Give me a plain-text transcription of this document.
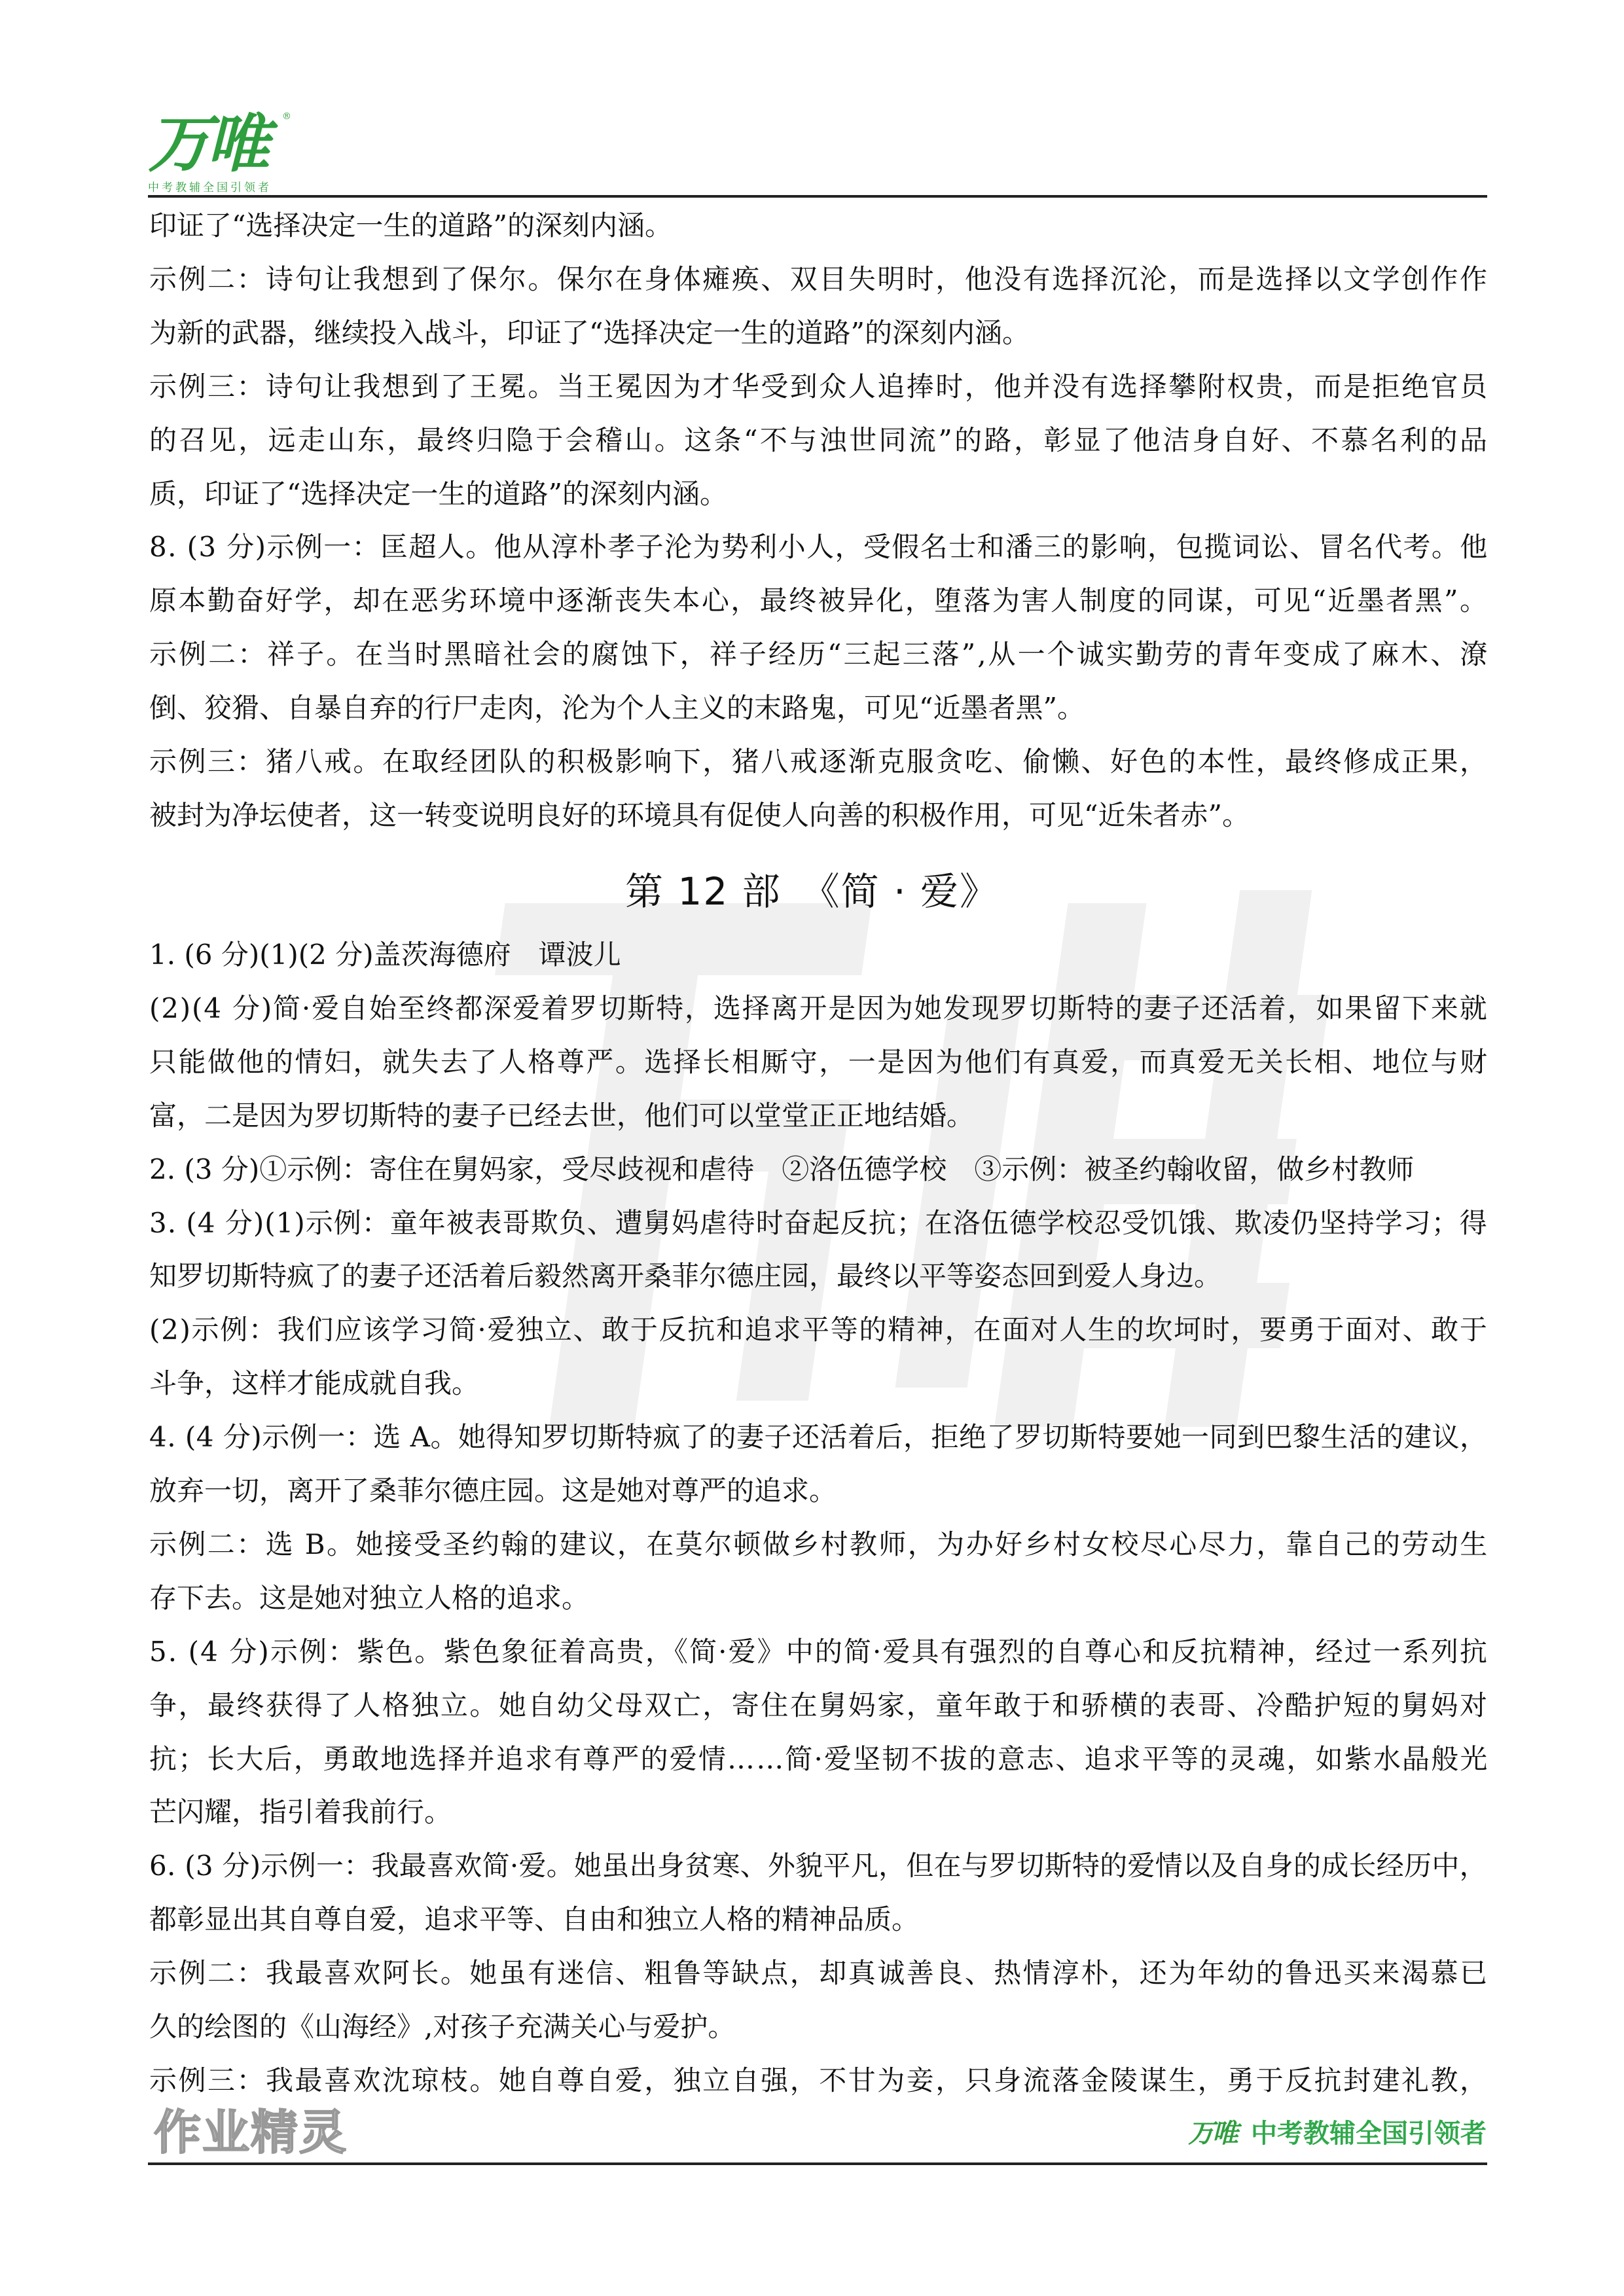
万唯	®
中考教辅全国引领者
印证了“选择决定一生的道路”的深刻内涵。
示例二：诗句让我想到了保尔。保尔在身体瘫痪、双目失明时，他没有选择沉沦，而是选择以文学创作作
为新的武器，继续投入战斗，印证了“选择决定一生的道路”的深刻内涵。
示例三：诗句让我想到了王冕。当王冕因为才华受到众人追捧时，他并没有选择攀附权贵，而是拒绝官员
的召见，远走山东，最终归隐于会稽山。这条“不与浊世同流”的路，彰显了他洁身自好、不慕名利的品
质，印证了“选择决定一生的道路”的深刻内涵。
8. (3 分)示例一：匡超人。他从淳朴孝子沦为势利小人，受假名士和潘三的影响，包揽词讼、冒名代考。他
原本勤奋好学，却在恶劣环境中逐渐丧失本心，最终被异化，堕落为害人制度的同谋，可见“近墨者黑”。
示例二：祥子。在当时黑暗社会的腐蚀下，祥子经历“三起三落”,从一个诚实勤劳的青年变成了麻木、潦
倒、狡猾、自暴自弃的行尸走肉，沦为个人主义的末路鬼，可见“近墨者黑”。
示例三：猪八戒。在取经团队的积极影响下，猪八戒逐渐克服贪吃、偷懒、好色的本性，最终修成正果，
被封为净坛使者，这一转变说明良好的环境具有促使人向善的积极作用，可见“近朱者赤”。
第 12 部　《简 · 爱》
1. (6 分)(1)(2 分)盖茨海德府　谭波儿
(2)(4 分)简·爱自始至终都深爱着罗切斯特，选择离开是因为她发现罗切斯特的妻子还活着，如果留下来就
只能做他的情妇，就失去了人格尊严。选择长相厮守，一是因为他们有真爱，而真爱无关长相、地位与财
富，二是因为罗切斯特的妻子已经去世，他们可以堂堂正正地结婚。
2. (3 分)①示例：寄住在舅妈家，受尽歧视和虐待　②洛伍德学校　③示例：被圣约翰收留，做乡村教师
3. (4 分)(1)示例：童年被表哥欺负、遭舅妈虐待时奋起反抗；在洛伍德学校忍受饥饿、欺凌仍坚持学习；得
知罗切斯特疯了的妻子还活着后毅然离开桑菲尔德庄园，最终以平等姿态回到爱人身边。
(2)示例：我们应该学习简·爱独立、敢于反抗和追求平等的精神，在面对人生的坎坷时，要勇于面对、敢于
斗争，这样才能成就自我。
4. (4 分)示例一：选 A。她得知罗切斯特疯了的妻子还活着后，拒绝了罗切斯特要她一同到巴黎生活的建议，
放弃一切，离开了桑菲尔德庄园。这是她对尊严的追求。
示例二：选 B。她接受圣约翰的建议，在莫尔顿做乡村教师，为办好乡村女校尽心尽力，靠自己的劳动生
存下去。这是她对独立人格的追求。
5. (4 分)示例：紫色。紫色象征着高贵，《简·爱》中的简·爱具有强烈的自尊心和反抗精神，经过一系列抗
争，最终获得了人格独立。她自幼父母双亡，寄住在舅妈家，童年敢于和骄横的表哥、冷酷护短的舅妈对
抗；长大后，勇敢地选择并追求有尊严的爱情……简·爱坚韧不拔的意志、追求平等的灵魂，如紫水晶般光
芒闪耀，指引着我前行。
6. (3 分)示例一：我最喜欢简·爱。她虽出身贫寒、外貌平凡，但在与罗切斯特的爱情以及自身的成长经历中，
都彰显出其自尊自爱，追求平等、自由和独立人格的精神品质。
示例二：我最喜欢阿长。她虽有迷信、粗鲁等缺点，却真诚善良、热情淳朴，还为年幼的鲁迅买来渴慕已
久的绘图的《山海经》,对孩子充满关心与爱护。
示例三：我最喜欢沈琼枝。她自尊自爱，独立自强，不甘为妾，只身流落金陵谋生，勇于反抗封建礼教，
作业精灵	万唯 中考教辅全国引领者
